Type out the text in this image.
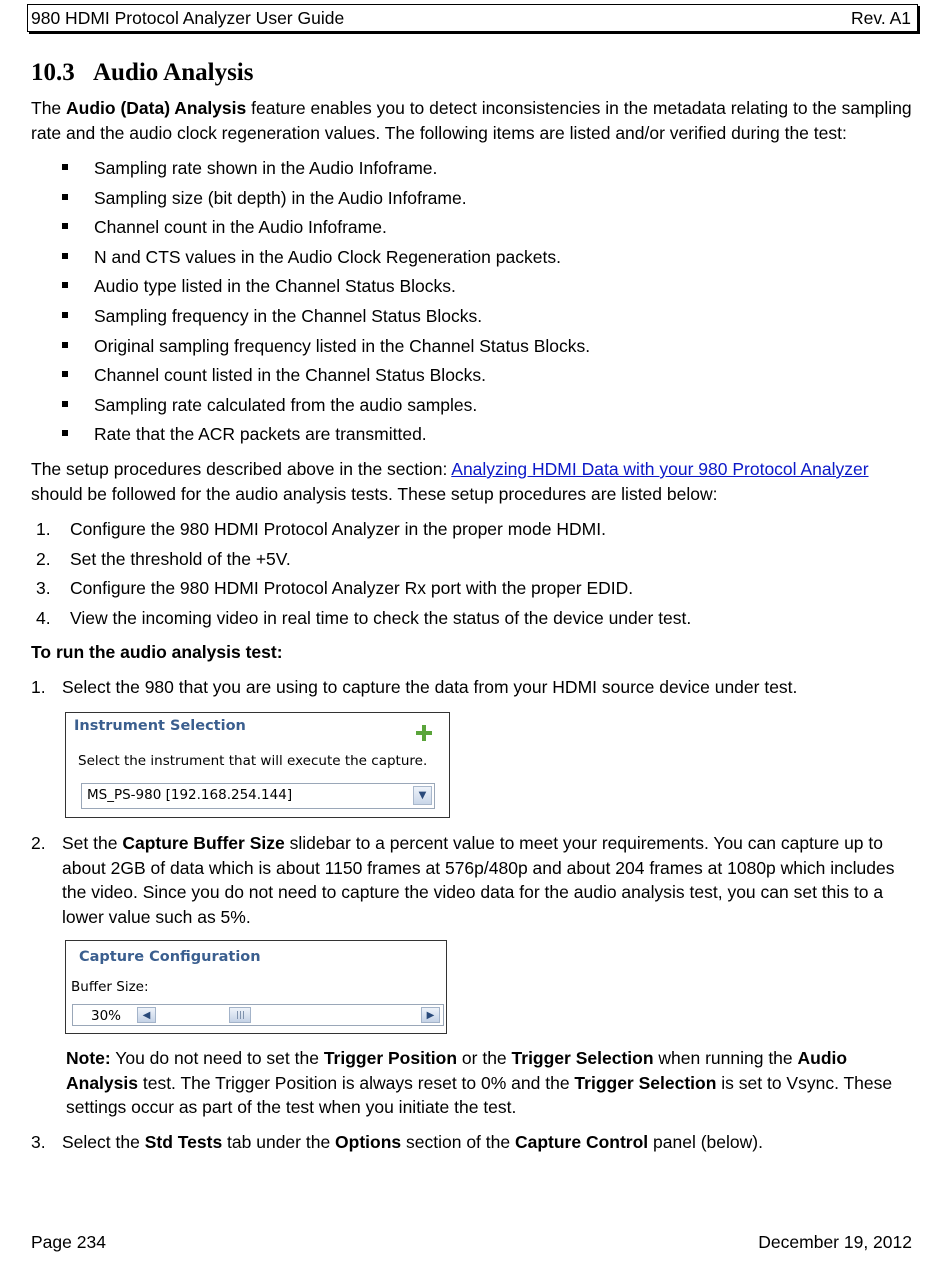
980 HDMI Protocol Analyzer User Guide	Rev. A1
10.3 Audio Analysis
The Audio (Data) Analysis feature enables you to detect inconsistencies in the metadata relating to the sampling rate and the audio clock regeneration values. The following items are listed and/or verified during the test:
Sampling rate shown in the Audio Infoframe.
Sampling size (bit depth) in the Audio Infoframe.
Channel count in the Audio Infoframe.
N and CTS values in the Audio Clock Regeneration packets.
Audio type listed in the Channel Status Blocks.
Sampling frequency in the Channel Status Blocks.
Original sampling frequency listed in the Channel Status Blocks.
Channel count listed in the Channel Status Blocks.
Sampling rate calculated from the audio samples.
Rate that the ACR packets are transmitted.
The setup procedures described above in the section: Analyzing HDMI Data with your 980 Protocol Analyzer
should be followed for the audio analysis tests. These setup procedures are listed below:
1. Configure the 980 HDMI Protocol Analyzer in the proper mode HDMI.
2. Set the threshold of the +5V.
3. Configure the 980 HDMI Protocol Analyzer Rx port with the proper EDID.
4. View the incoming video in real time to check the status of the device under test.
To run the audio analysis test:
1. Select the 980 that you are using to capture the data from your HDMI source device under test.
Instrument Selection
Select the instrument that will execute the capture.
MS_PS-980 [192.168.254.144]	▼
2. Set the Capture Buffer Size slidebar to a percent value to meet your requirements. You can capture up to about 2GB of data which is about 1150 frames at 576p/480p and about 204 frames at 1080p which includes the video. Since you do not need to capture the video data for the audio analysis test, you can set this to a lower value such as 5%.
Capture Configuration
Buffer Size:
30%	◀	▶
Note: You do not need to set the Trigger Position or the Trigger Selection when running the Audio Analysis test. The Trigger Position is always reset to 0% and the Trigger Selection is set to Vsync. These settings occur as part of the test when you initiate the test.
3. Select the Std Tests tab under the Options section of the Capture Control panel (below).
Page 234	December 19, 2012
